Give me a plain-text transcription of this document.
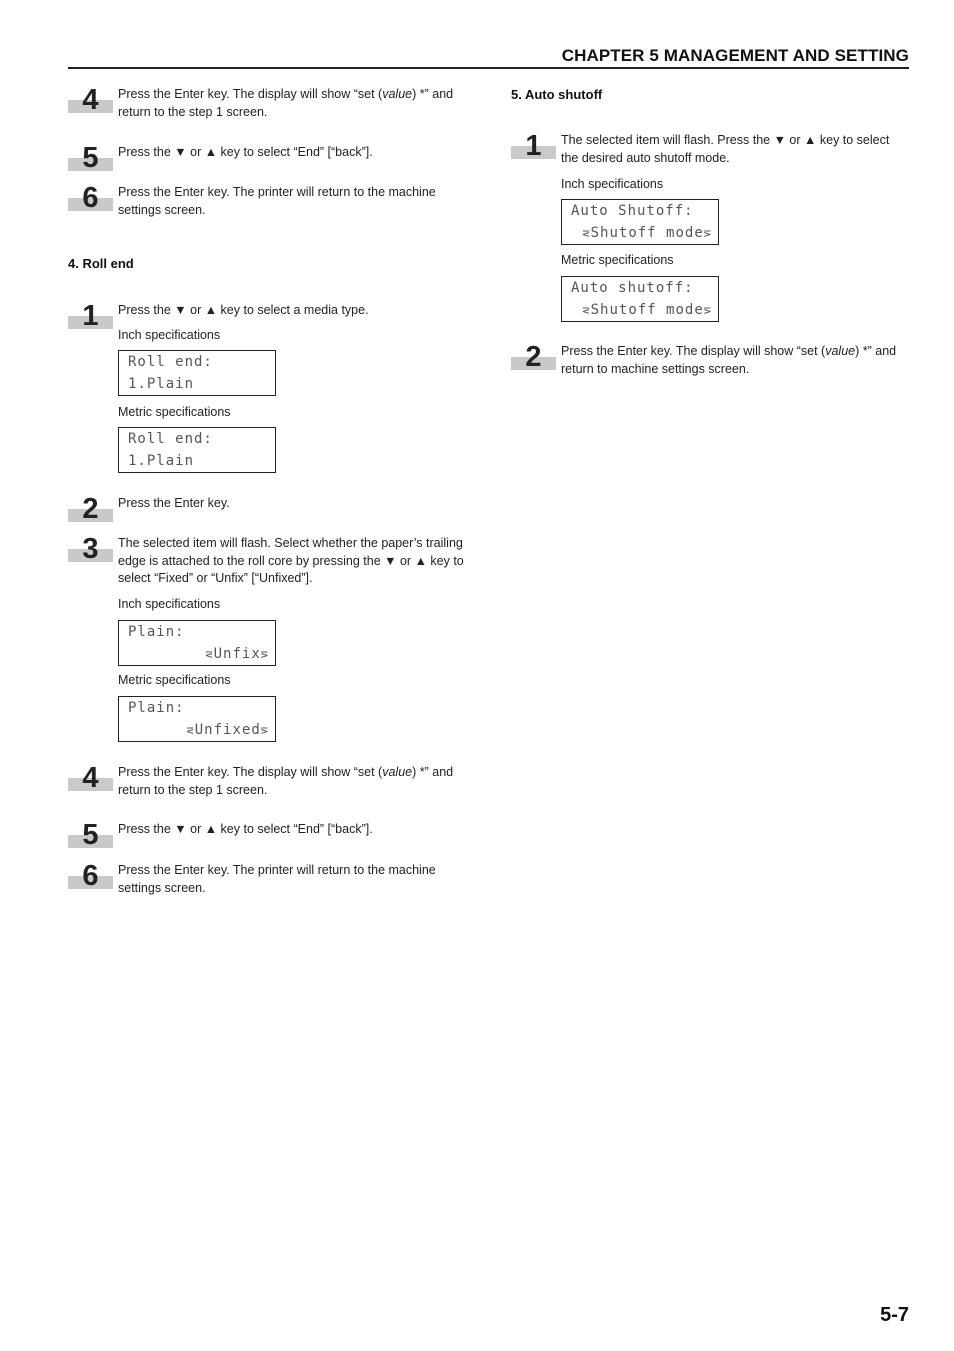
CHAPTER 5 MANAGEMENT AND SETTING
4	Press the Enter key. The display will show “set (value) *” and return to the step 1 screen.
5	Press the ▼ or ▲ key to select “End” [“back”].
6	Press the Enter key. The printer will return to the machine settings screen.
4. Roll end
1	Press the ▼ or ▲ key to select a media type.
Inch specifications
Roll end:
1.Plain
Metric specifications
Roll end:
1.Plain
2	Press the Enter key.
3	The selected item will flash. Select whether the paper’s trailing edge is attached to the roll core by pressing the ▼ or ▲ key to select “Fixed” or “Unfix” [“Unfixed”].
Inch specifications
Plain:
⋜Unfix⋝
Metric specifications
Plain:
⋜Unfixed⋝
4	Press the Enter key. The display will show “set (value) *” and return to the step 1 screen.
5	Press the ▼ or ▲ key to select “End” [“back”].
6	Press the Enter key. The printer will return to the machine settings screen.
5. Auto shutoff
1	The selected item will flash. Press the ▼ or ▲ key to select the desired auto shutoff mode.
Inch specifications
Auto Shutoff:
⋜Shutoff mode⋝
Metric specifications
Auto shutoff:
⋜Shutoff mode⋝
2	Press the Enter key. The display will show “set (value) *” and return to machine settings screen.
5-7
